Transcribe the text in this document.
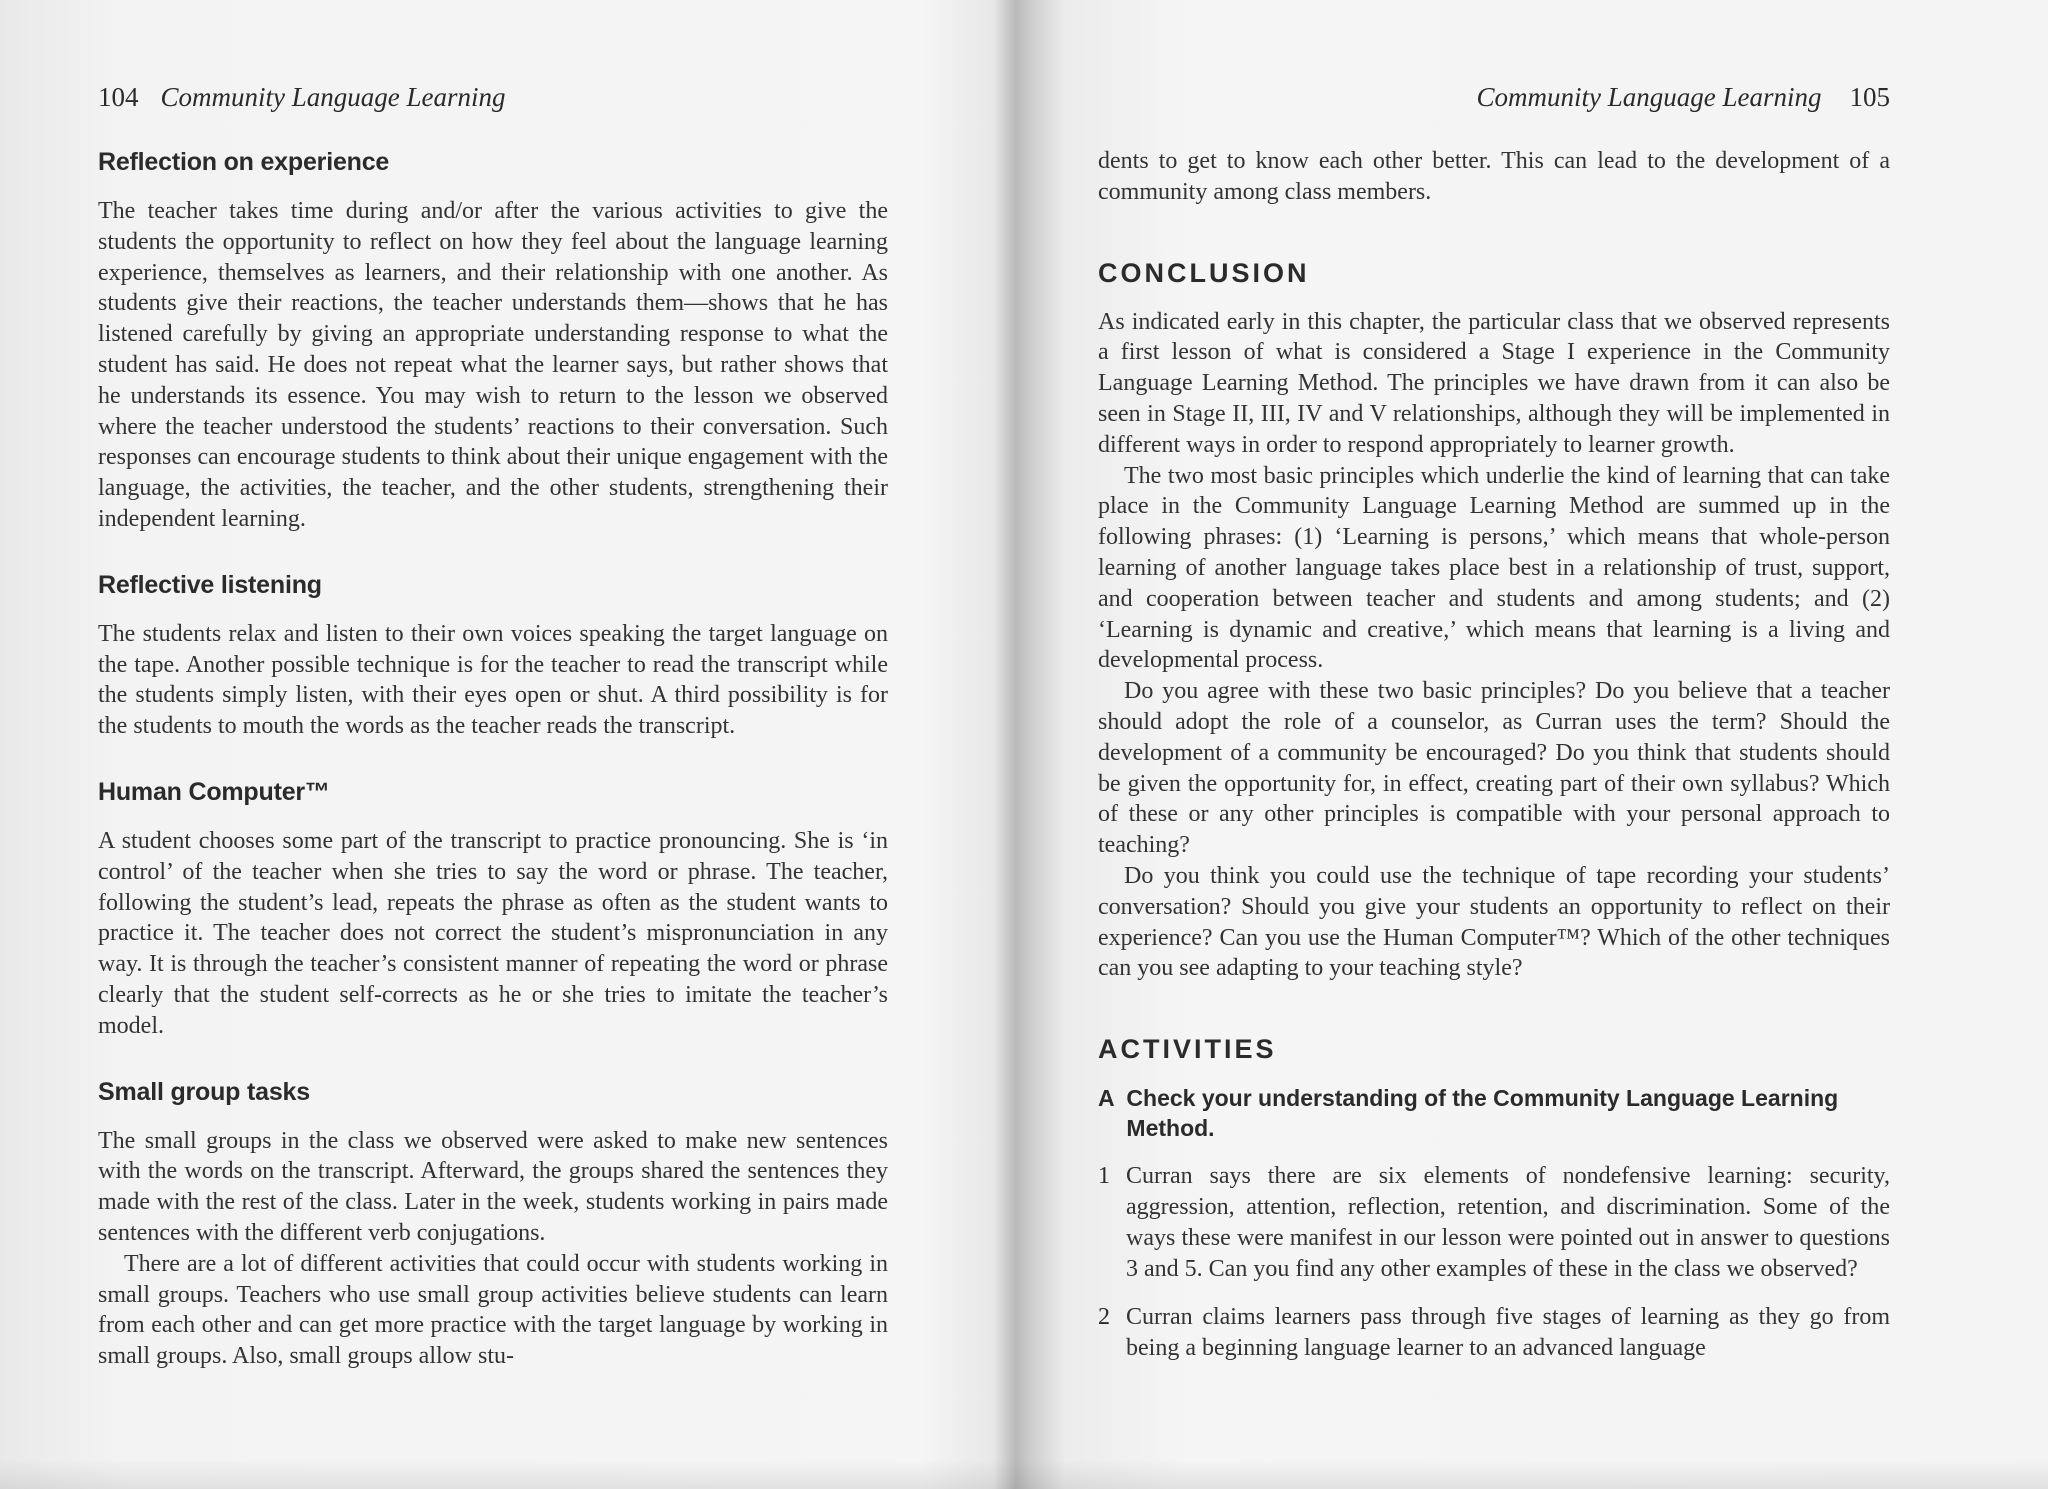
104 Community Language Learning
Reflection on experience

The teacher takes time during and/or after the various activities to give the students the opportunity to reflect on how they feel about the language learning experience, themselves as learners, and their relationship with one another. As students give their reactions, the teacher understands them—shows that he has listened carefully by giving an appropriate understanding response to what the student has said. He does not repeat what the learner says, but rather shows that he understands its essence. You may wish to return to the lesson we observed where the teacher understood the students’ reactions to their conversation. Such responses can encourage students to think about their unique engagement with the language, the activities, the teacher, and the other students, strengthening their independent learning.

Reflective listening

The students relax and listen to their own voices speaking the target language on the tape. Another possible technique is for the teacher to read the transcript while the students simply listen, with their eyes open or shut. A third possibility is for the students to mouth the words as the teacher reads the transcript.

Human Computer™

A student chooses some part of the transcript to practice pronouncing. She is ‘in control’ of the teacher when she tries to say the word or phrase. The teacher, following the student’s lead, repeats the phrase as often as the student wants to practice it. The teacher does not correct the student’s mispronunciation in any way. It is through the teacher’s consistent manner of repeating the word or phrase clearly that the student self-corrects as he or she tries to imitate the teacher’s model.

Small group tasks

The small groups in the class we observed were asked to make new sentences with the words on the transcript. Afterward, the groups shared the sentences they made with the rest of the class. Later in the week, students working in pairs made sentences with the different verb conjugations.

There are a lot of different activities that could occur with students working in small groups. Teachers who use small group activities believe students can learn from each other and can get more practice with the target language by working in small groups. Also, small groups allow stu-

Community Language Learning 105

dents to get to know each other better. This can lead to the development of a community among class members.

CONCLUSION

As indicated early in this chapter, the particular class that we observed represents a first lesson of what is considered a Stage I experience in the Community Language Learning Method. The principles we have drawn from it can also be seen in Stage II, III, IV and V relationships, although they will be implemented in different ways in order to respond appropriately to learner growth.

The two most basic principles which underlie the kind of learning that can take place in the Community Language Learning Method are summed up in the following phrases: (1) ‘Learning is persons,’ which means that whole-person learning of another language takes place best in a relationship of trust, support, and cooperation between teacher and students and among students; and (2) ‘Learning is dynamic and creative,’ which means that learning is a living and developmental process.

Do you agree with these two basic principles? Do you believe that a teacher should adopt the role of a counselor, as Curran uses the term? Should the development of a community be encouraged? Do you think that students should be given the opportunity for, in effect, creating part of their own syllabus? Which of these or any other principles is compatible with your personal approach to teaching?

Do you think you could use the technique of tape recording your students’ conversation? Should you give your students an opportunity to reflect on their experience? Can you use the Human Computer™? Which of the other techniques can you see adapting to your teaching style?

ACTIVITIES
A Check your understanding of the Community Language Learning Method.
1 Curran says there are six elements of nondefensive learning: security, aggression, attention, reflection, retention, and discrimination. Some of the ways these were manifest in our lesson were pointed out in answer to questions 3 and 5. Can you find any other examples of these in the class we observed?
2 Curran claims learners pass through five stages of learning as they go from being a beginning language learner to an advanced language
